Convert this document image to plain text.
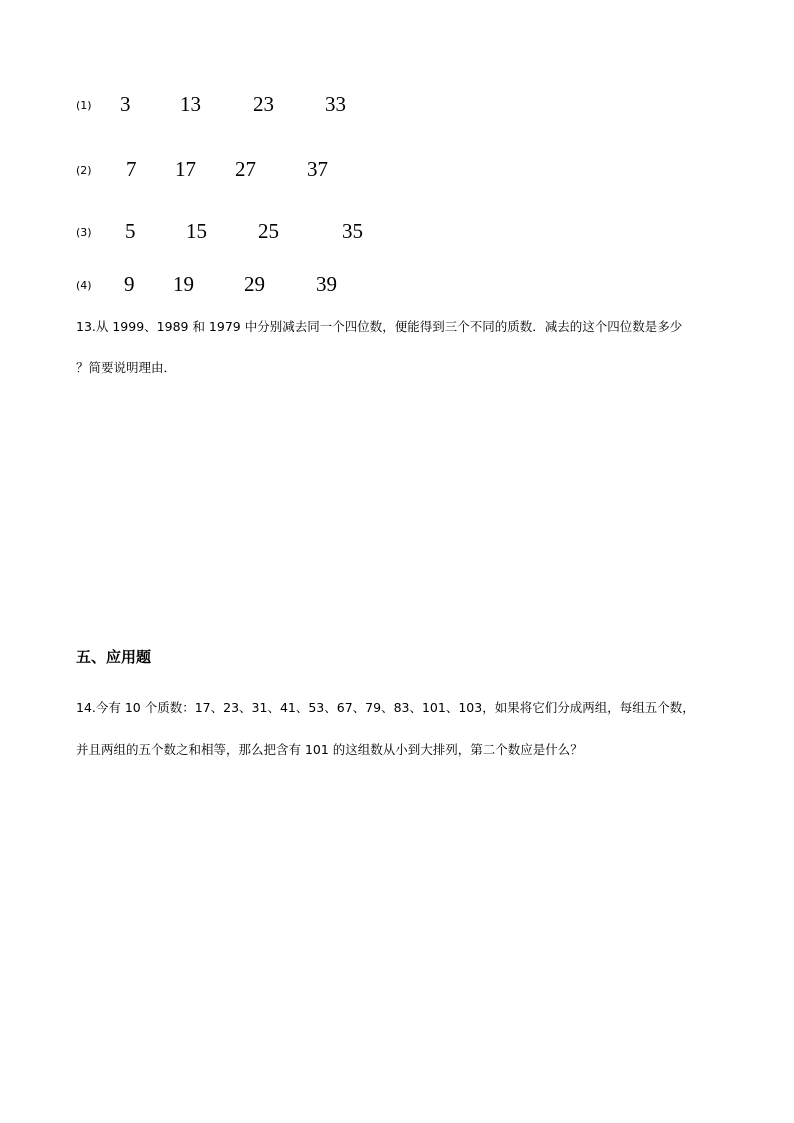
(1) 3 13 23 33
(2) 7 17 27 37
(3) 5 15 25	35
(4) 9 19 29 39
13.从 1999、1989 和 1979 中分别减去同一个四位数，便能得到三个不同的质数．减去的这个四位数是多少
？简要说明理由．
五、应用题
14.今有 10 个质数：17、23、31、41、53、67、79、83、101、103，如果将它们分成两组，每组五个数，
并且两组的五个数之和相等，那么把含有 101 的这组数从小到大排列，第二个数应是什么？
